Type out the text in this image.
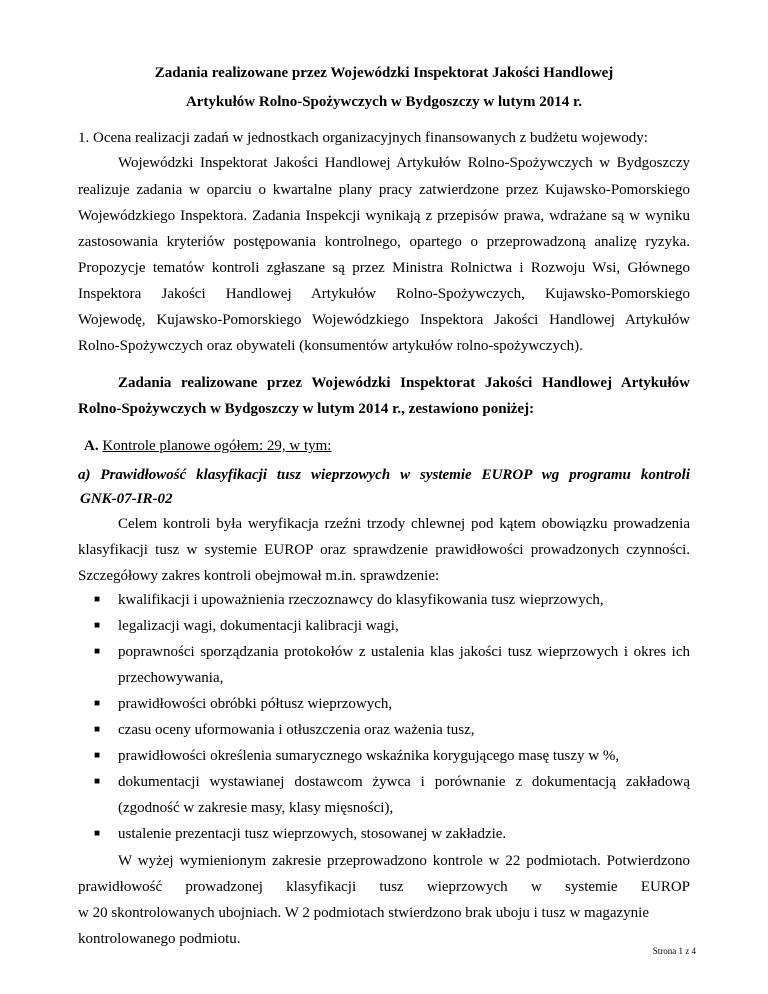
Zadania realizowane przez Wojewódzki Inspektorat Jakości Handlowej
Artykułów Rolno-Spożywczych w Bydgoszczy w lutym 2014 r.
1. Ocena realizacji zadań w jednostkach organizacyjnych finansowanych z budżetu wojewody:
Wojewódzki Inspektorat Jakości Handlowej Artykułów Rolno-Spożywczych w Bydgoszczy
realizuje zadania w oparciu o kwartalne plany pracy zatwierdzone przez Kujawsko-Pomorskiego
Wojewódzkiego Inspektora. Zadania Inspekcji wynikają z przepisów prawa, wdrażane są w wyniku
zastosowania kryteriów postępowania kontrolnego, opartego o przeprowadzoną analizę ryzyka.
Propozycje tematów kontroli zgłaszane są przez Ministra Rolnictwa i Rozwoju Wsi, Głównego
Inspektora Jakości Handlowej Artykułów Rolno-Spożywczych, Kujawsko-Pomorskiego
Wojewodę, Kujawsko-Pomorskiego Wojewódzkiego Inspektora Jakości Handlowej Artykułów
Rolno-Spożywczych oraz obywateli (konsumentów artykułów rolno-spożywczych).
Zadania realizowane przez Wojewódzki Inspektorat Jakości Handlowej Artykułów
Rolno-Spożywczych w Bydgoszczy w lutym 2014 r., zestawiono poniżej:
A. Kontrole planowe ogółem: 29, w tym:
a) Prawidłowość klasyfikacji tusz wieprzowych w systemie EUROP wg programu kontroli
GNK-07-IR-02
Celem kontroli była weryfikacja rzeźni trzody chlewnej pod kątem obowiązku prowadzenia
klasyfikacji tusz w systemie EUROP oraz sprawdzenie prawidłowości prowadzonych czynności.
Szczegółowy zakres kontroli obejmował m.in. sprawdzenie:
■ kwalifikacji i upoważnienia rzeczoznawcy do klasyfikowania tusz wieprzowych,
■ legalizacji wagi, dokumentacji kalibracji wagi,
■ poprawności sporządzania protokołów z ustalenia klas jakości tusz wieprzowych i okres ich
przechowywania,
■ prawidłowości obróbki półtusz wieprzowych,
■ czasu oceny uformowania i otłuszczenia oraz ważenia tusz,
■ prawidłowości określenia sumarycznego wskaźnika korygującego masę tuszy w %,
■ dokumentacji wystawianej dostawcom żywca i porównanie z dokumentacją zakładową
(zgodność w zakresie masy, klasy mięsności),
■ ustalenie prezentacji tusz wieprzowych, stosowanej w zakładzie.
W wyżej wymienionym zakresie przeprowadzono kontrole w 22 podmiotach. Potwierdzono
prawidłowość prowadzonej klasyfikacji tusz wieprzowych w systemie EUROP
w 20 skontrolowanych ubojniach. W 2 podmiotach stwierdzono brak uboju i tusz w magazynie
kontrolowanego podmiotu.
Strona 1 z 4
